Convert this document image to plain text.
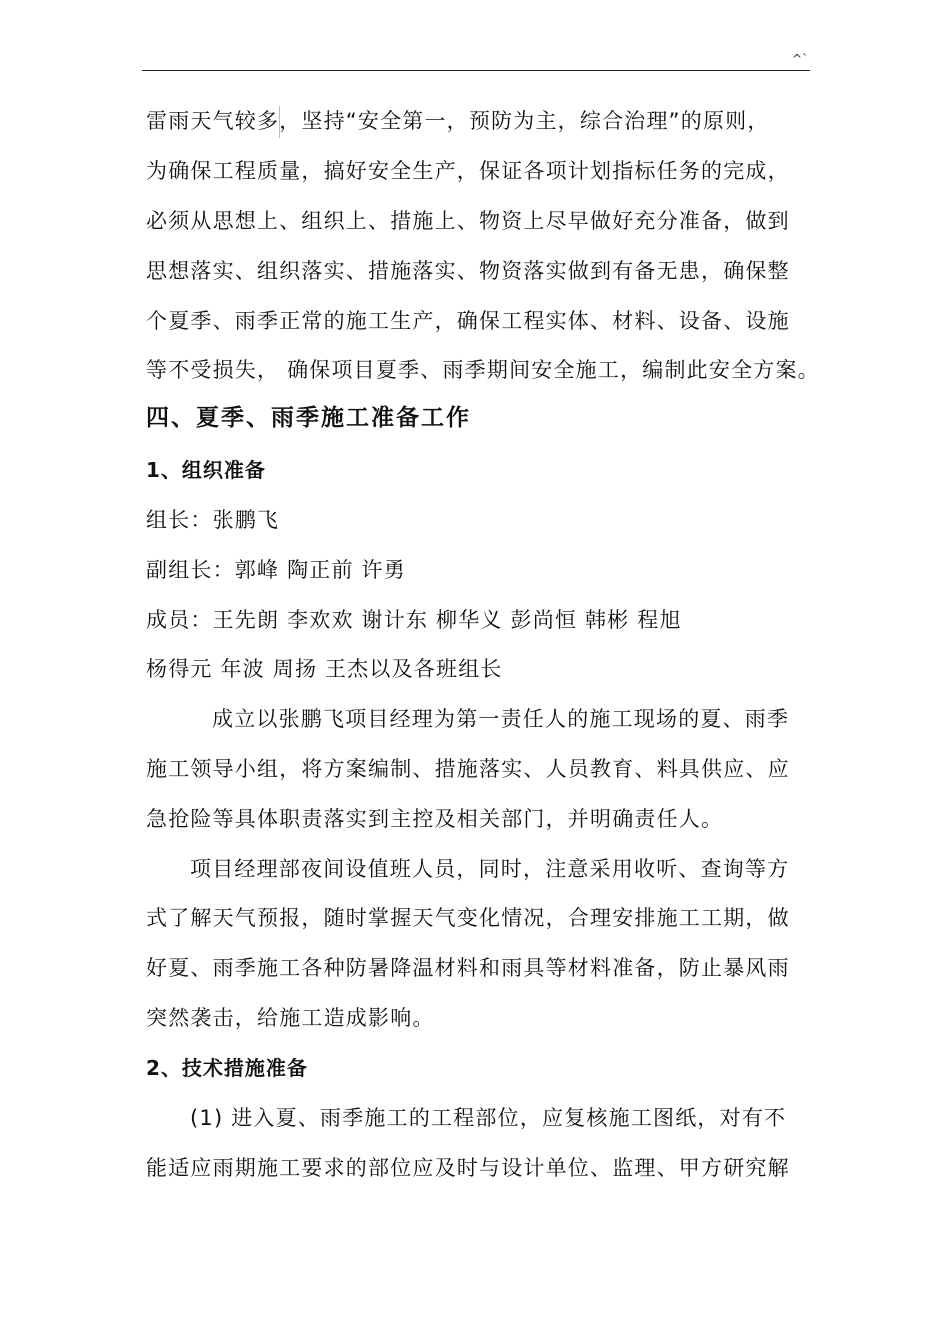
^`
雷雨天气较多，坚持“安全第一，预防为主，综合治理”的原则，
为确保工程质量，搞好安全生产，保证各项计划指标任务的完成，
必须从思想上、组织上、措施上、物资上尽早做好充分准备，做到
思想落实、组织落实、措施落实、物资落实做到有备无患，确保整
个夏季、雨季正常的施工生产，确保工程实体、材料、设备、设施
等不受损失， 确保项目夏季、雨季期间安全施工，编制此安全方案。
四、夏季、雨季施工准备工作
1、组织准备
组长：张鹏飞
副组长：郭峰 陶正前 许勇
成员：王先朗 李欢欢 谢计东 柳华义 彭尚恒 韩彬 程旭
杨得元 年波 周扬 王杰以及各班组长
成立以张鹏飞项目经理为第一责任人的施工现场的夏、雨季
施工领导小组，将方案编制、措施落实、人员教育、料具供应、应
急抢险等具体职责落实到主控及相关部门，并明确责任人。
项目经理部夜间设值班人员，同时，注意采用收听、查询等方
式了解天气预报，随时掌握天气变化情况，合理安排施工工期，做
好夏、雨季施工各种防暑降温材料和雨具等材料准备，防止暴风雨
突然袭击，给施工造成影响。
2、技术措施准备
(1) 进入夏、雨季施工的工程部位，应复核施工图纸，对有不
能适应雨期施工要求的部位应及时与设计单位、监理、甲方研究解
